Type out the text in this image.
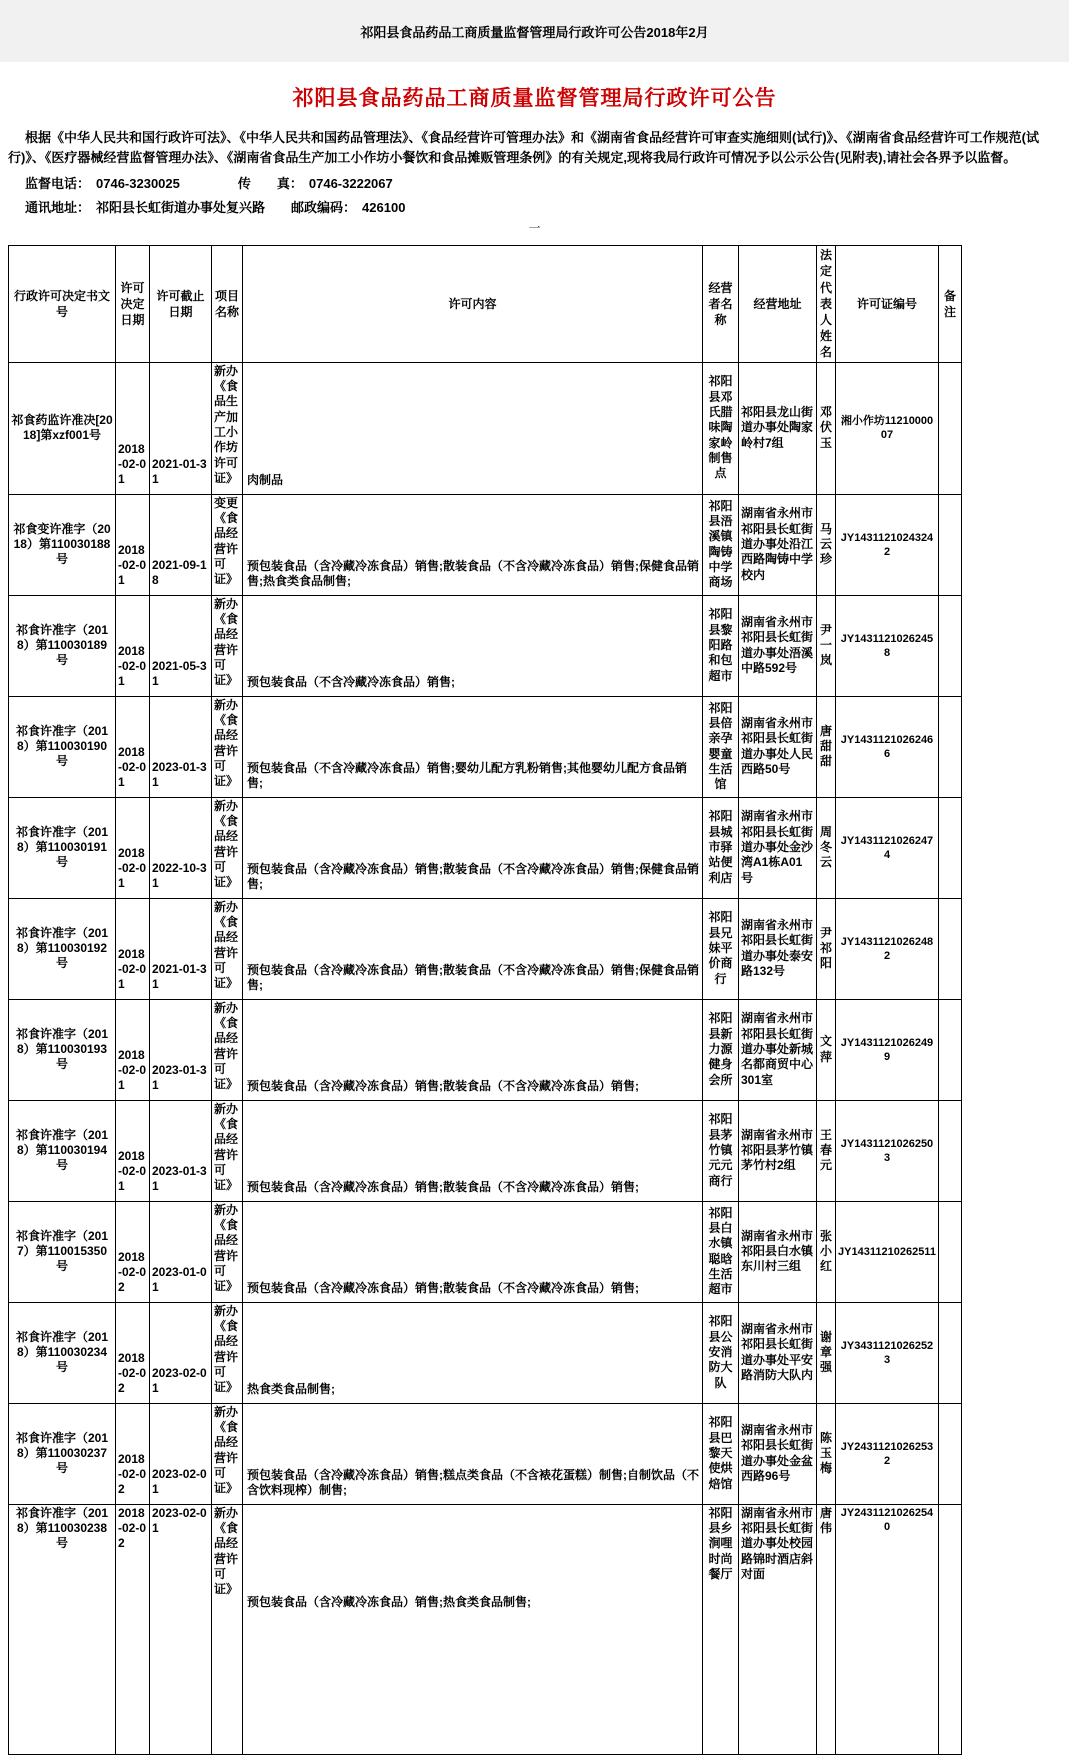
祁阳县食品药品工商质量监督管理局行政许可公告2018年2月
祁阳县食品药品工商质量监督管理局行政许可公告

根据《中华人民共和国行政许可法》、《中华人民共和国药品管理法》、《食品经营许可管理办法》和《湖南省食品经营许可审查实施细则(试行)》、《湖南省食品经营许可工作规范(试行)》、《医疗器械经营监督管理办法》、《湖南省食品生产加工小作坊小餐饮和食品摊贩管理条例》的有关规定,现将我局行政许可情况予以公示公告(见附表),请社会各界予以监督。

监督电话： 0746-3230025	传　　真： 0746-3222067

通讯地址： 祁阳县长虹街道办事处复兴路 邮政编码： 426100

一
行政许可决定书文号	许可决定日期	许可截止日期	项目名称	许可内容	经营者名称	经营地址	法定代表人姓名	许可证编号	备注
祁食药监许准决[2018]第xzf001号	2018-02-01	2021-01-31	新办《食品生产加工小作坊许可证》	肉制品	祁阳县邓氏腊味陶家岭制售点	祁阳县龙山街道办事处陶家岭村7组	邓伏玉	湘小作坊1121000007	
祁食变许准字（2018）第110030188号	2018-02-01	2021-09-18	变更《食品经营许可证》	预包装食品（含冷藏冷冻食品）销售;散装食品（不含冷藏冷冻食品）销售;保健食品销售;热食类食品制售;	祁阳县浯溪镇陶铸中学商场	湖南省永州市祁阳县长虹街道办事处沿江西路陶铸中学校内	马云珍	JY14311210243242	
祁食许准字（2018）第110030189号	2018-02-01	2021-05-31	新办《食品经营许可证》	预包装食品（不含冷藏冷冻食品）销售;	祁阳县黎阳路和包超市	湖南省永州市祁阳县长虹街道办事处浯溪中路592号	尹一岚	JY14311210262458	
祁食许准字（2018）第110030190号	2018-02-01	2023-01-31	新办《食品经营许可证》	预包装食品（不含冷藏冷冻食品）销售;婴幼儿配方乳粉销售;其他婴幼儿配方食品销售;	祁阳县倍亲孕婴童生活馆	湖南省永州市祁阳县长虹街道办事处人民西路50号	唐甜甜	JY14311210262466	
祁食许准字（2018）第110030191号	2018-02-01	2022-10-31	新办《食品经营许可证》	预包装食品（含冷藏冷冻食品）销售;散装食品（不含冷藏冷冻食品）销售;保健食品销售;	祁阳县城市驿站便利店	湖南省永州市祁阳县长虹街道办事处金沙湾A1栋A01号	周冬云	JY14311210262474	
祁食许准字（2018）第110030192号	2018-02-01	2021-01-31	新办《食品经营许可证》	预包装食品（含冷藏冷冻食品）销售;散装食品（不含冷藏冷冻食品）销售;保健食品销售;	祁阳县兄妹平价商行	湖南省永州市祁阳县长虹街道办事处泰安路132号	尹祁阳	JY14311210262482	
祁食许准字（2018）第110030193号	2018-02-01	2023-01-31	新办《食品经营许可证》	预包装食品（含冷藏冷冻食品）销售;散装食品（不含冷藏冷冻食品）销售;	祁阳县新力源健身会所	湖南省永州市祁阳县长虹街道办事处新城名都商贸中心301室	文萍	JY14311210262499	
祁食许准字（2018）第110030194号	2018-02-01	2023-01-31	新办《食品经营许可证》	预包装食品（含冷藏冷冻食品）销售;散装食品（不含冷藏冷冻食品）销售;	祁阳县茅竹镇元元商行	湖南省永州市祁阳县茅竹镇茅竹村2组	王春元	JY14311210262503	
祁食许准字（2017）第110015350号	2018-02-02	2023-01-01	新办《食品经营许可证》	预包装食品（含冷藏冷冻食品）销售;散装食品（不含冷藏冷冻食品）销售;	祁阳县白水镇聪晗生活超市	湖南省永州市祁阳县白水镇东川村三组	张小红	JY14311210262511	
祁食许准字（2018）第110030234号	2018-02-02	2023-02-01	新办《食品经营许可证》	热食类食品制售;	祁阳县公安消防大队	湖南省永州市祁阳县长虹街道办事处平安路消防大队内	谢章强	JY34311210262523	
祁食许准字（2018）第110030237号	2018-02-02	2023-02-01	新办《食品经营许可证》	预包装食品（含冷藏冷冻食品）销售;糕点类食品（不含裱花蛋糕）制售;自制饮品（不含饮料现榨）制售;	祁阳县巴黎天使烘焙馆	湖南省永州市祁阳县长虹街道办事处金盆西路96号	陈玉梅	JY24311210262532	
祁食许准字（2018）第110030238号	2018-02-02	2023-02-01	新办《食品经营许可证》	预包装食品（含冷藏冷冻食品）销售;热食类食品制售;	祁阳县乡涧哩时尚餐厅	湖南省永州市祁阳县长虹街道办事处校园路锦时酒店斜对面	唐伟	JY24311210262540	
